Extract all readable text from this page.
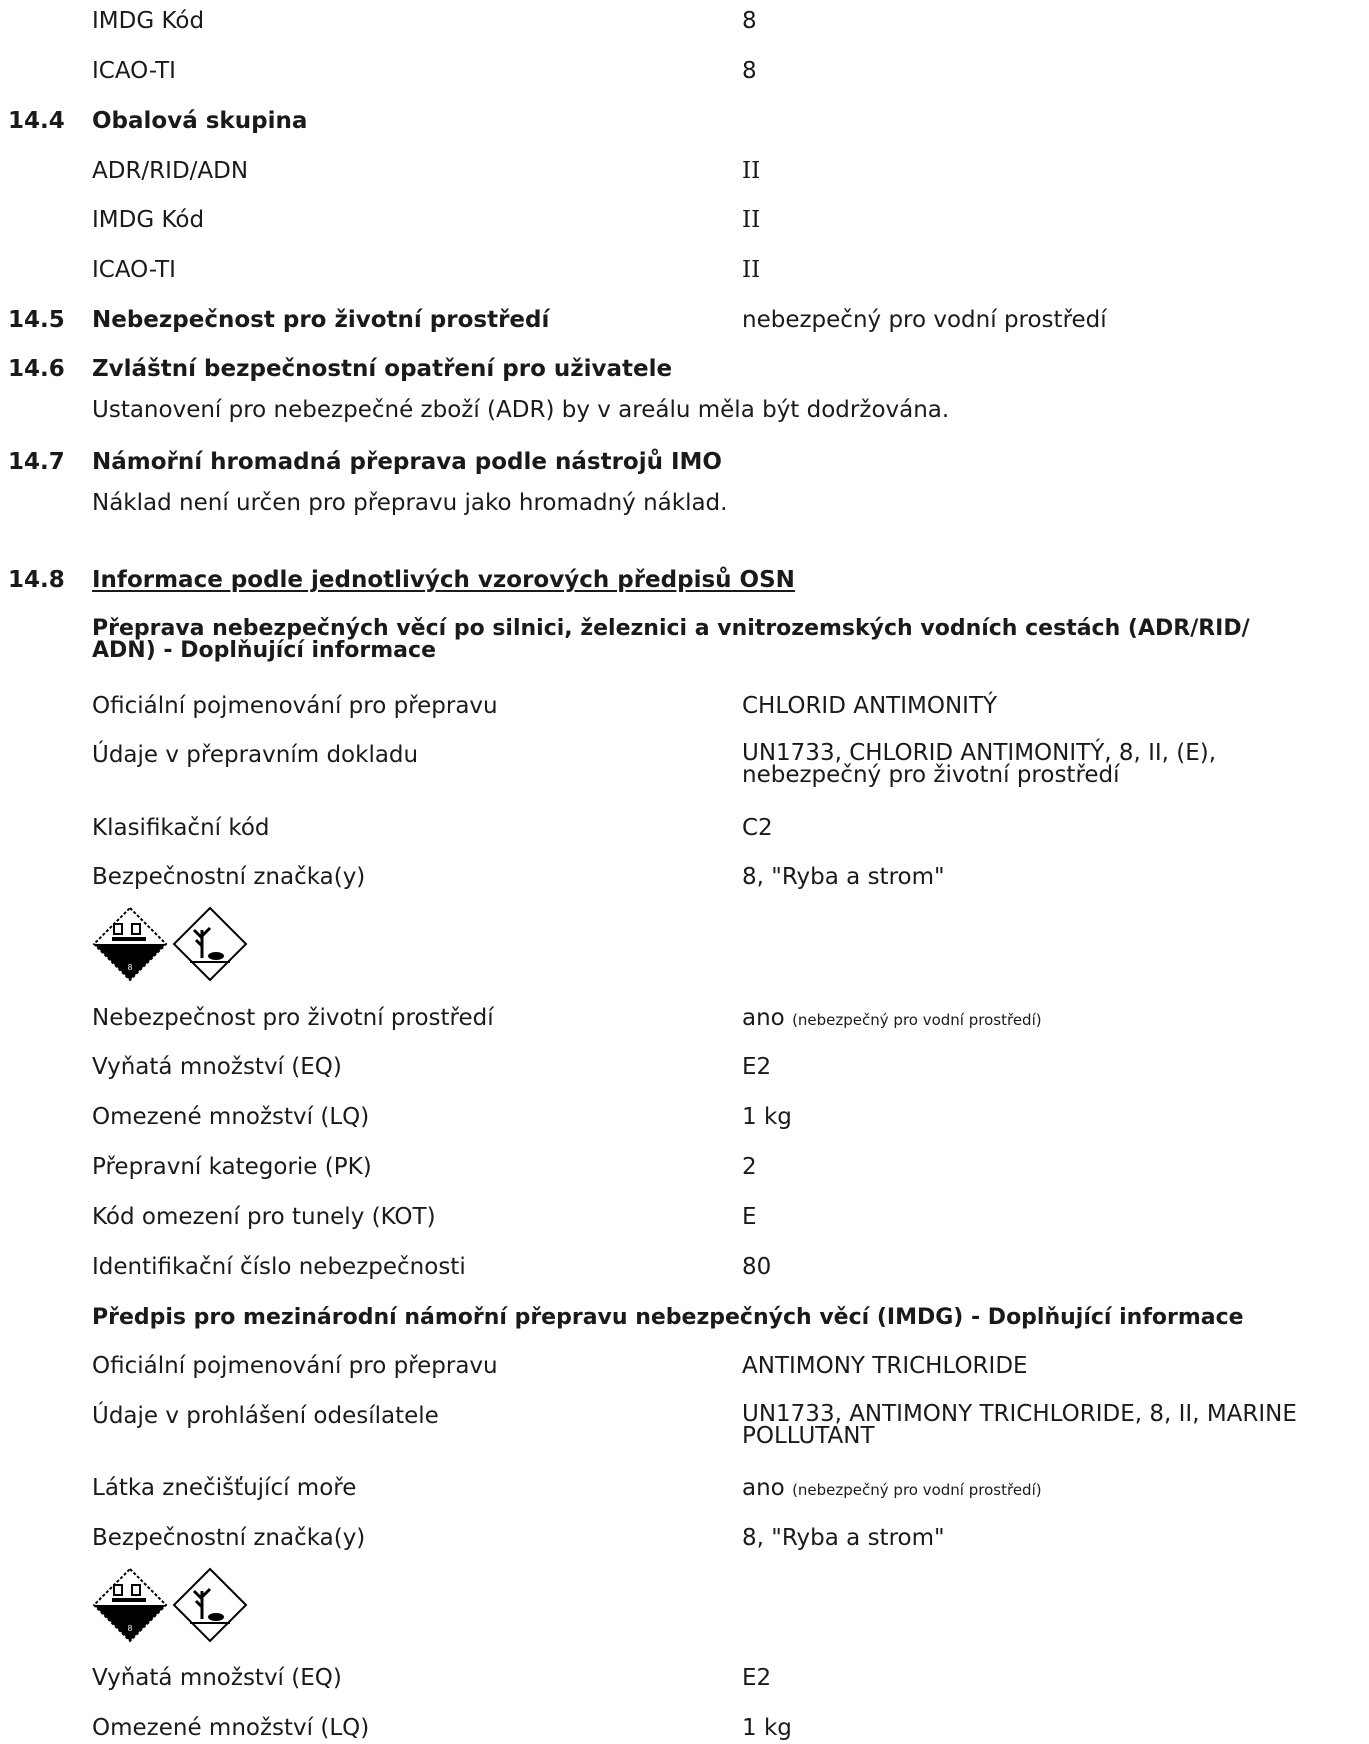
IMDG Kód	8
ICAO-TI	8
14.4 Obalová skupina
ADR/RID/ADN	II
IMDG Kód	II
ICAO-TI	II
14.5 Nebezpečnost pro životní prostředí	nebezpečný pro vodní prostředí
14.6 Zvláštní bezpečnostní opatření pro uživatele
Ustanovení pro nebezpečné zboží (ADR) by v areálu měla být dodržována.
14.7 Námořní hromadná přeprava podle nástrojů IMO
Náklad není určen pro přepravu jako hromadný náklad.
14.8 Informace podle jednotlivých vzorových předpisů OSN
Přeprava nebezpečných věcí po silnici, železnici a vnitrozemských vodních cestách (ADR/RID/
ADN) - Doplňující informace
Oficiální pojmenování pro přepravu	CHLORID ANTIMONITÝ
Údaje v přepravním dokladu	UN1733, CHLORID ANTIMONITÝ, 8, II, (E),
nebezpečný pro životní prostředí
Klasifikační kód	C2
Bezpečnostní značka(y)	8, "Ryba a strom"
8
Nebezpečnost pro životní prostředí	ano (nebezpečný pro vodní prostředí)
Vyňatá množství (EQ)	E2
Omezené množství (LQ)	1 kg
Přepravní kategorie (PK)	2
Kód omezení pro tunely (KOT)	E
Identifikační číslo nebezpečnosti	80
Předpis pro mezinárodní námořní přepravu nebezpečných věcí (IMDG) - Doplňující informace
Oficiální pojmenování pro přepravu	ANTIMONY TRICHLORIDE
Údaje v prohlášení odesílatele	UN1733, ANTIMONY TRICHLORIDE, 8, II, MARINE
POLLUTANT
Látka znečišťující moře	ano (nebezpečný pro vodní prostředí)
Bezpečnostní značka(y)	8, "Ryba a strom"
8
Vyňatá množství (EQ)	E2
Omezené množství (LQ)	1 kg
